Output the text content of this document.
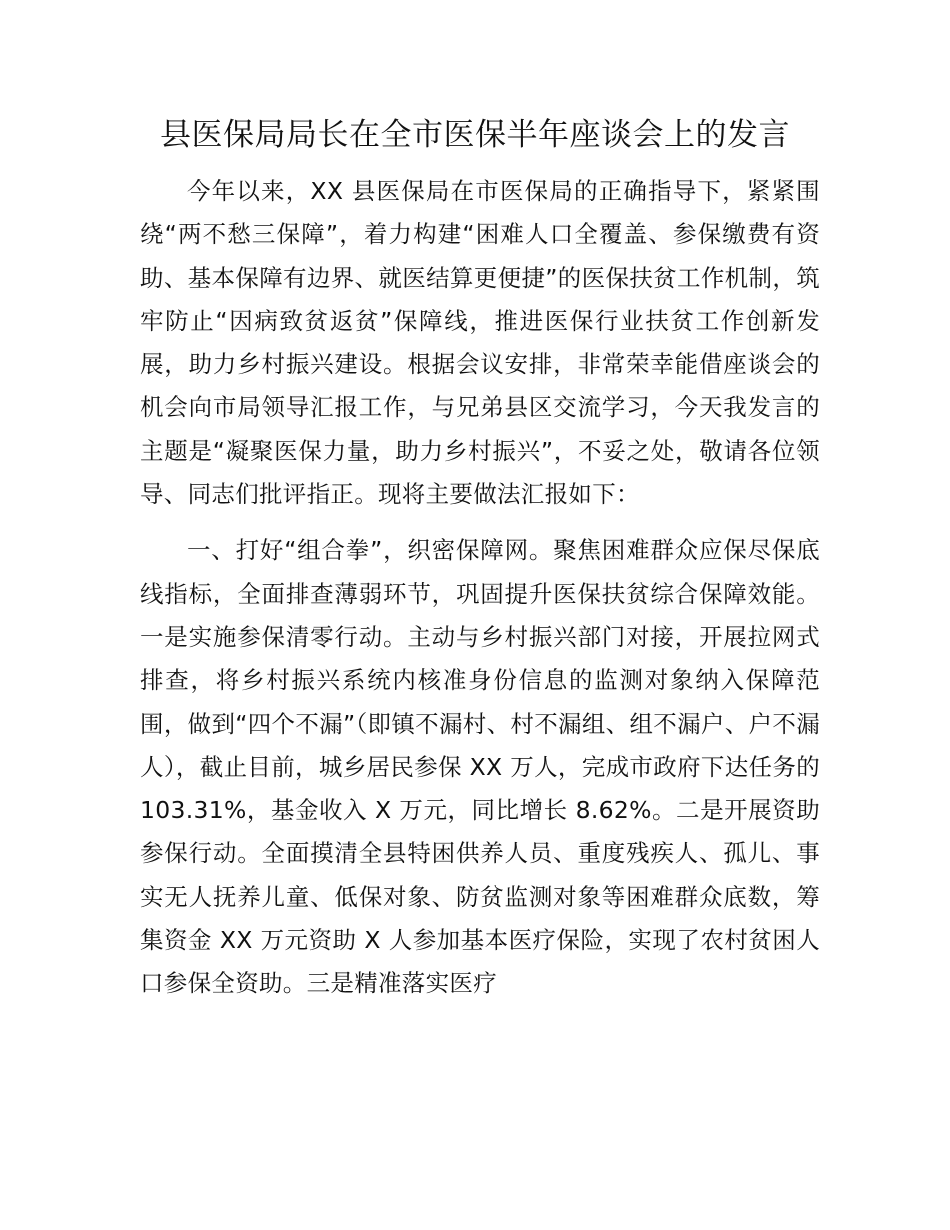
县医保局局长在全市医保半年座谈会上的发言

今年以来，XX 县医保局在市医保局的正确指导下，紧紧围绕“两不愁三保障”，着力构建“困难人口全覆盖、参保缴费有资助、基本保障有边界、就医结算更便捷”的医保扶贫工作机制，筑牢防止“因病致贫返贫”保障线，推进医保行业扶贫工作创新发展，助力乡村振兴建设。根据会议安排，非常荣幸能借座谈会的机会向市局领导汇报工作，与兄弟县区交流学习，今天我发言的主题是“凝聚医保力量，助力乡村振兴”，不妥之处，敬请各位领导、同志们批评指正。现将主要做法汇报如下：

一、打好“组合拳”，织密保障网。聚焦困难群众应保尽保底线指标，全面排查薄弱环节，巩固提升医保扶贫综合保障效能。一是实施参保清零行动。主动与乡村振兴部门对接，开展拉网式排查，将乡村振兴系统内核准身份信息的监测对象纳入保障范围，做到“四个不漏”（即镇不漏村、村不漏组、组不漏户、户不漏人），截止目前，城乡居民参保 XX 万人，完成市政府下达任务的 103.31%，基金收入 X 万元，同比增长 8.62%。二是开展资助参保行动。全面摸清全县特困供养人员、重度残疾人、孤儿、事实无人抚养儿童、低保对象、防贫监测对象等困难群众底数，筹集资金 XX 万元资助 X 人参加基本医疗保险，实现了农村贫困人口参保全资助。三是精准落实医疗
